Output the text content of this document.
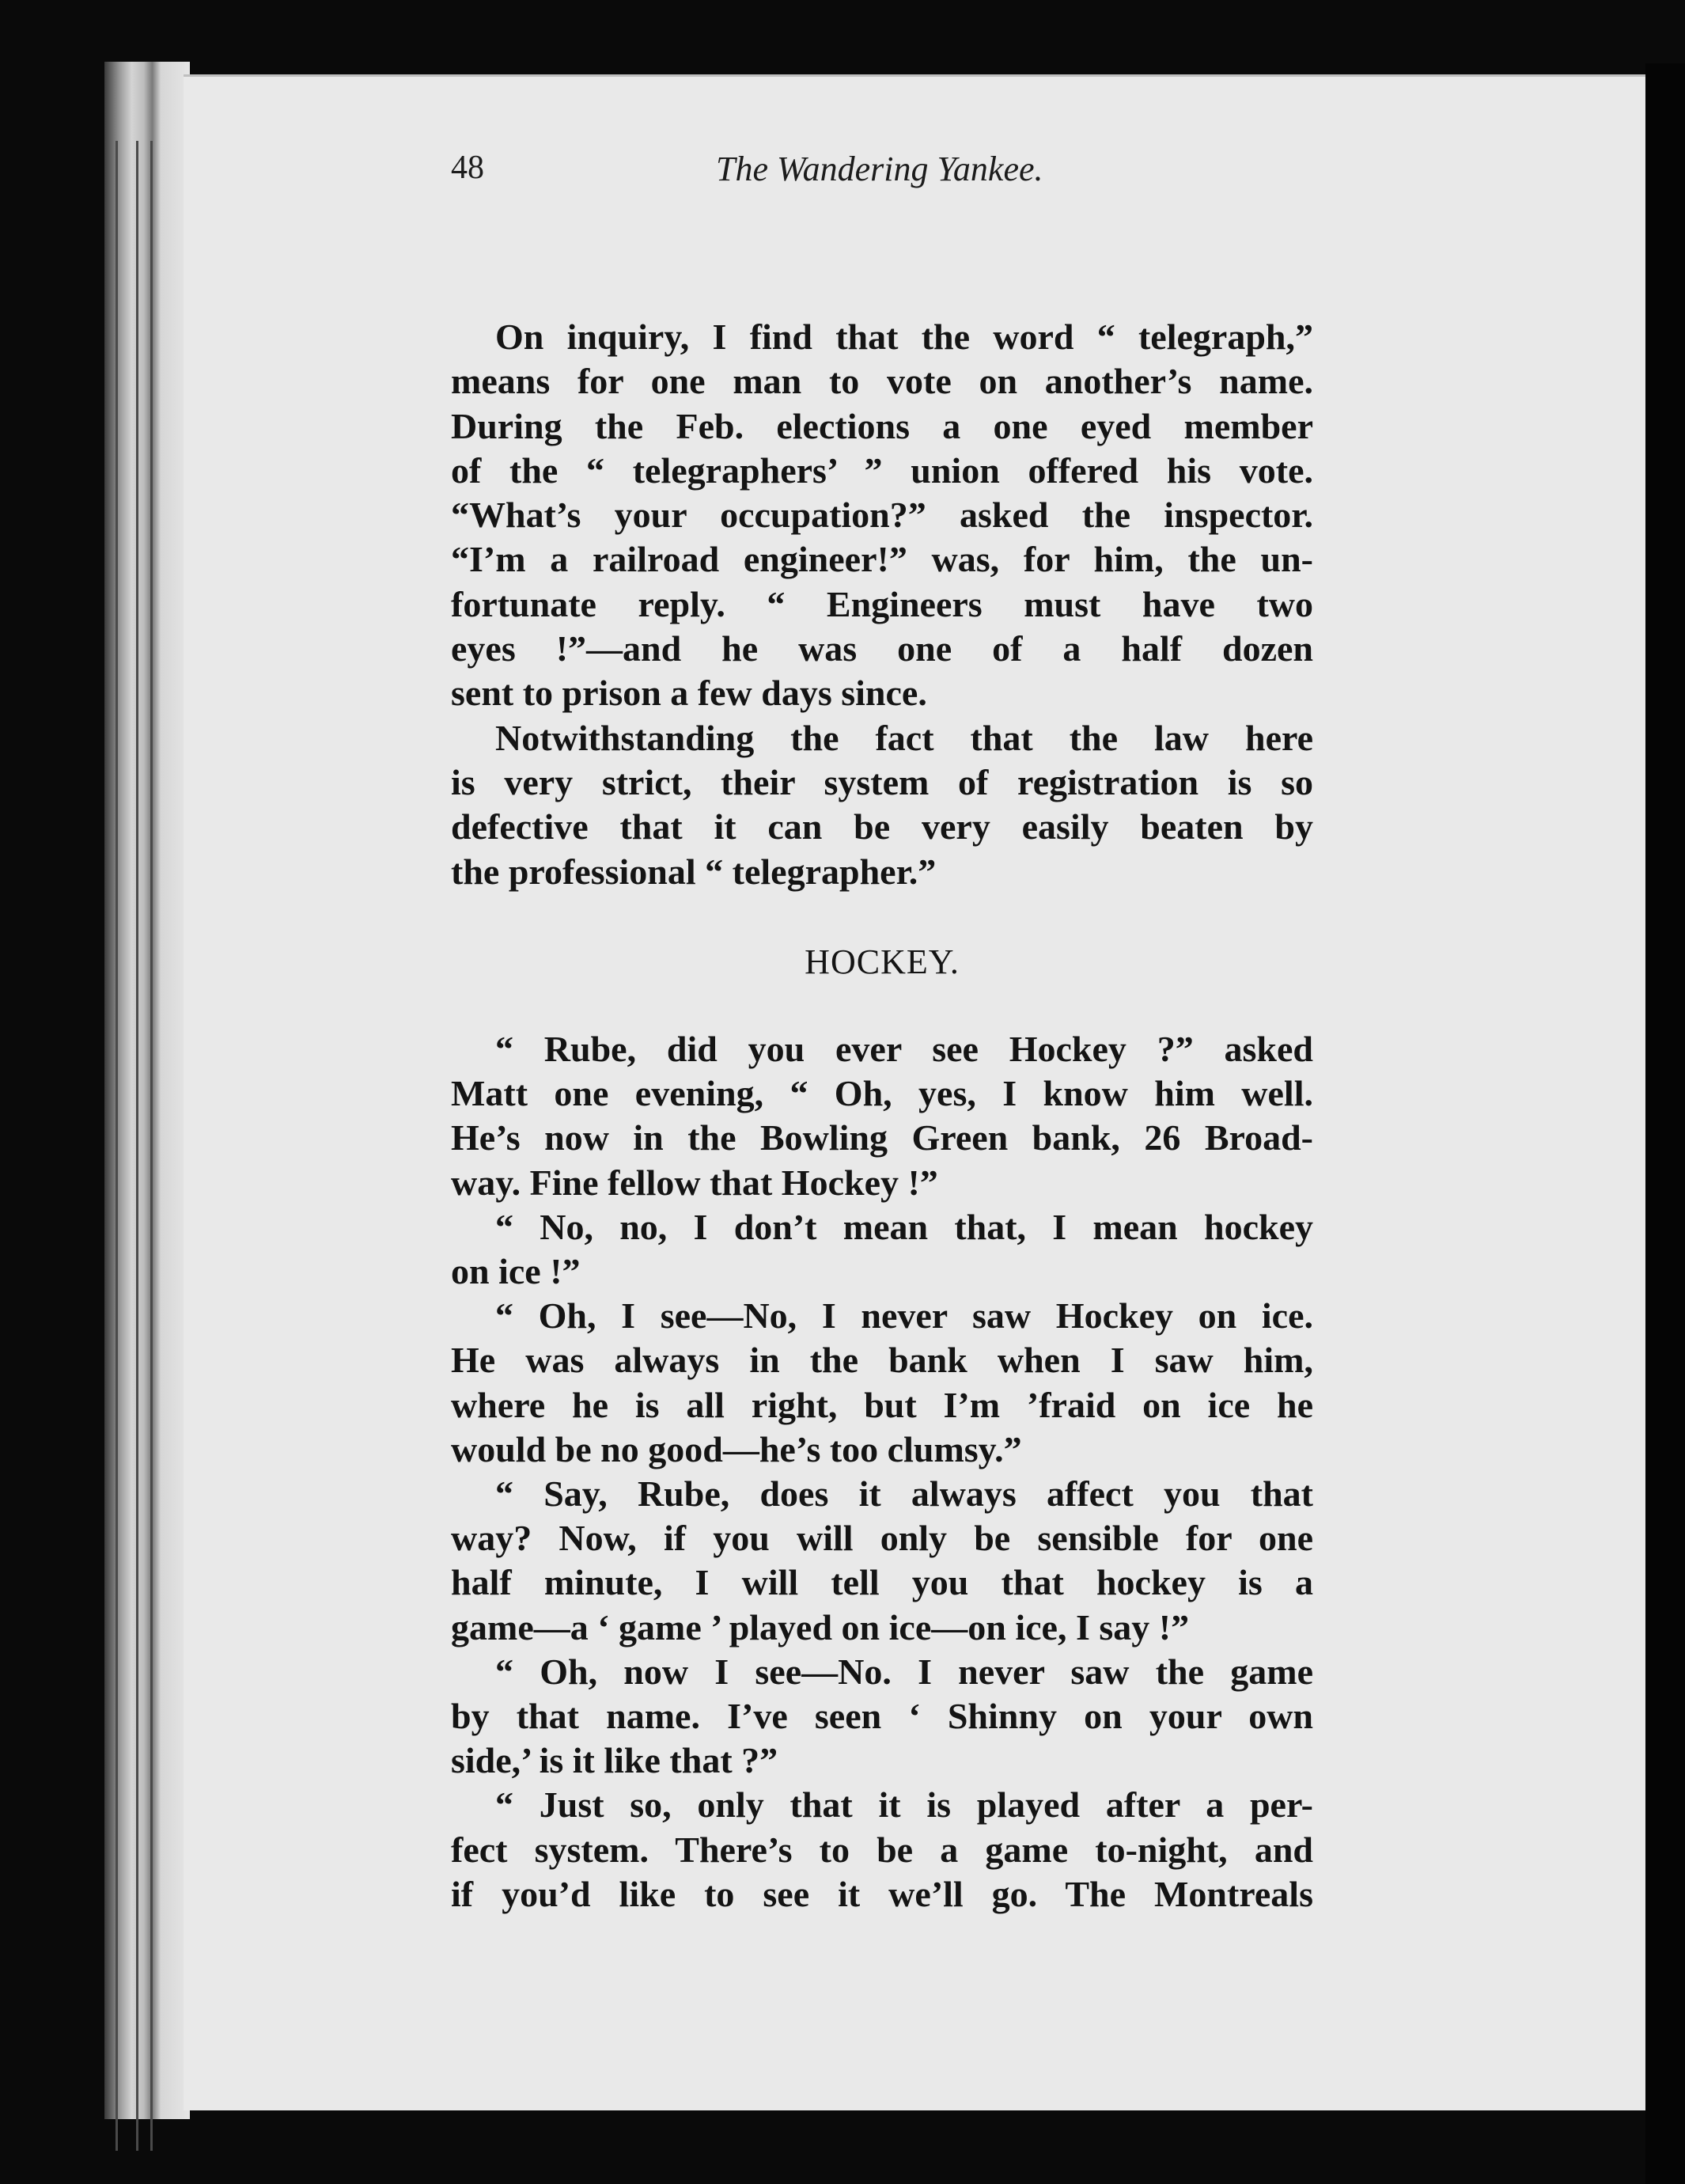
48	The Wandering Yankee.
On inquiry, I find that the word “ telegraph,”
means for one man to vote on another’s name.
During the Feb. elections a one eyed member
of the “ telegraphers’ ” union offered his vote.
“What’s your occupation?” asked the inspector.
“I’m a railroad engineer!” was, for him, the un-
fortunate reply. “ Engineers must have two
eyes !”—and he was one of a half dozen
sent to prison a few days since.
Notwithstanding the fact that the law here
is very strict, their system of registration is so
defective that it can be very easily beaten by
the professional “ telegrapher.”
HOCKEY.
“ Rube, did you ever see Hockey ?” asked
Matt one evening, “ Oh, yes, I know him well.
He’s now in the Bowling Green bank, 26 Broad-
way. Fine fellow that Hockey !”
“ No, no, I don’t mean that, I mean hockey
on ice !”
“ Oh, I see—No, I never saw Hockey on ice.
He was always in the bank when I saw him,
where he is all right, but I’m ’fraid on ice he
would be no good—he’s too clumsy.”
“ Say, Rube, does it always affect you that
way? Now, if you will only be sensible for one
half minute, I will tell you that hockey is a
game—a ‘ game ’ played on ice—on ice, I say !”
“ Oh, now I see—No. I never saw the game
by that name. I’ve seen ‘ Shinny on your own
side,’ is it like that ?”
“ Just so, only that it is played after a per-
fect system. There’s to be a game to-night, and
if you’d like to see it we’ll go. The Montreals
